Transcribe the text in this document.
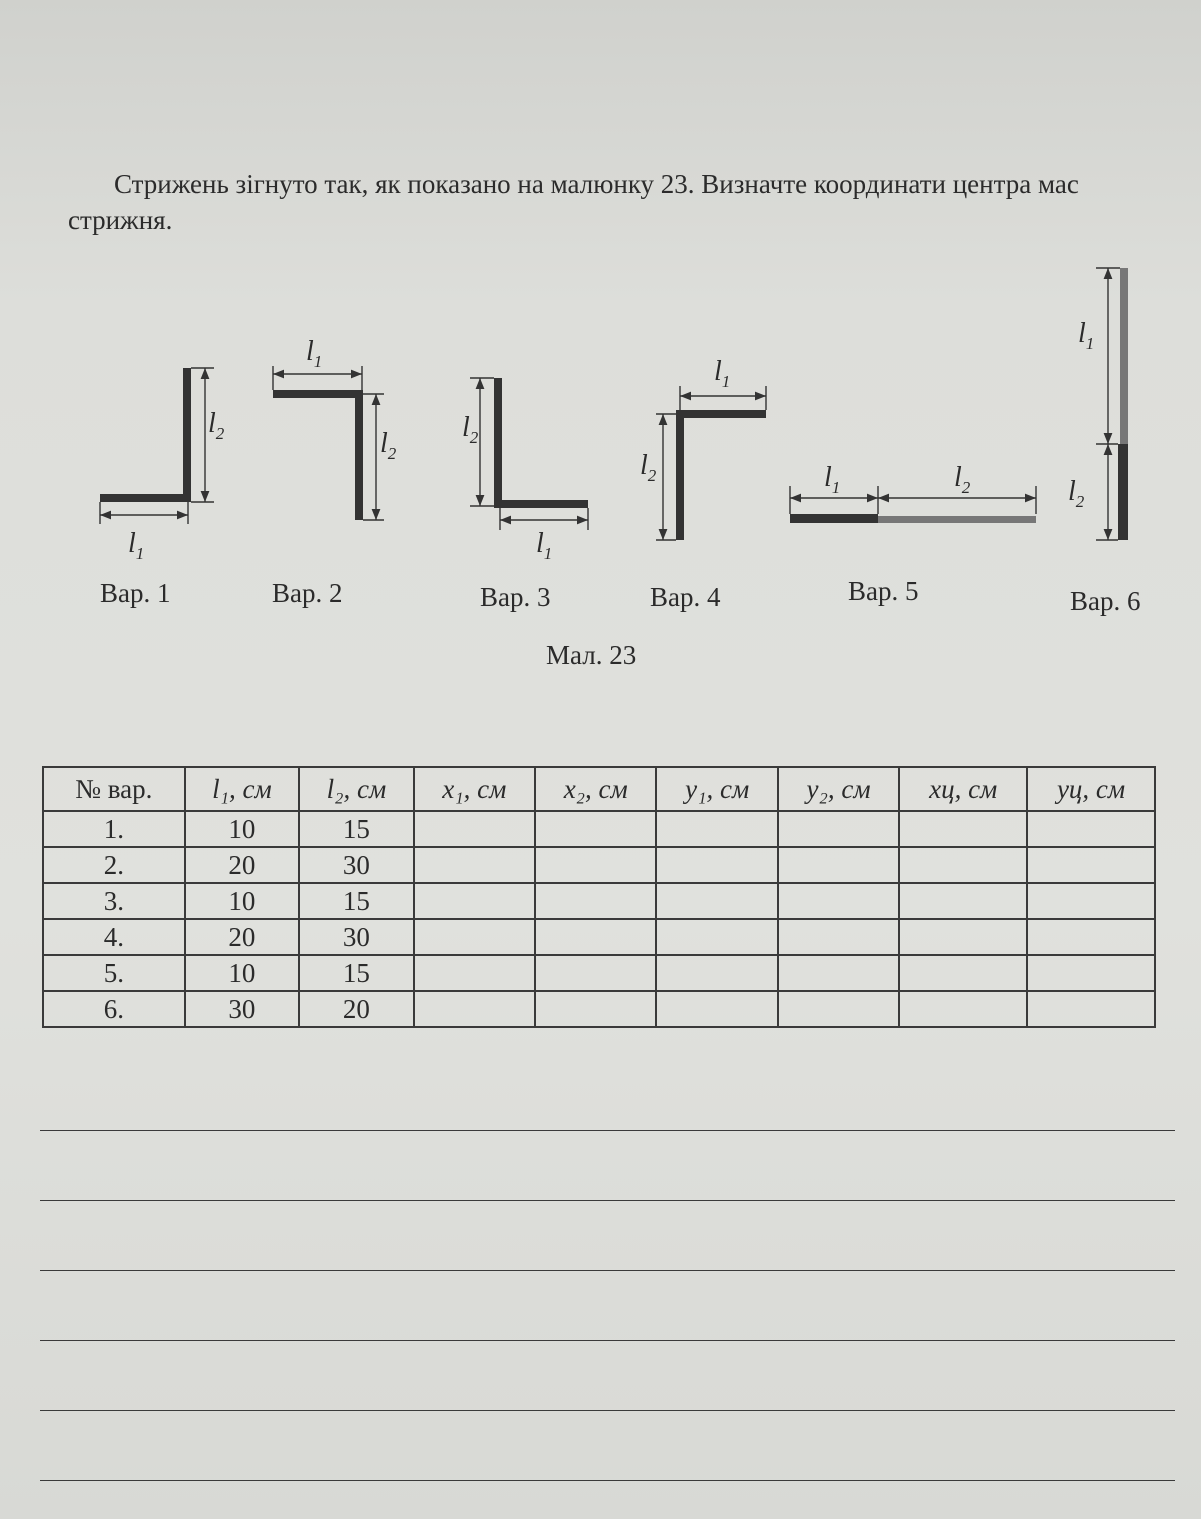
Стрижень зігнуто так, як показано на малюнку 23. Визначте координати центра мас стрижня.
$l_1$
$l_2$
$l_1$
$l_2$
$l_2$
$l_1$
$l_1$
$l_2$	$l_1$	$l_2$
$l_1$
$l_2$
Вар. 1	Вар. 2	Вар. 3	Вар. 4	Вар. 5	Вар. 6
Мал. 23
№ вар.	l₁, см	l₂, см	x₁, см	x₂, см	y₁, см	y₂, см	xц, см	yц, см
1.	10	15						
2.	20	30						
3.	10	15						
4.	20	30						
5.	10	15						
6.	30	20						
